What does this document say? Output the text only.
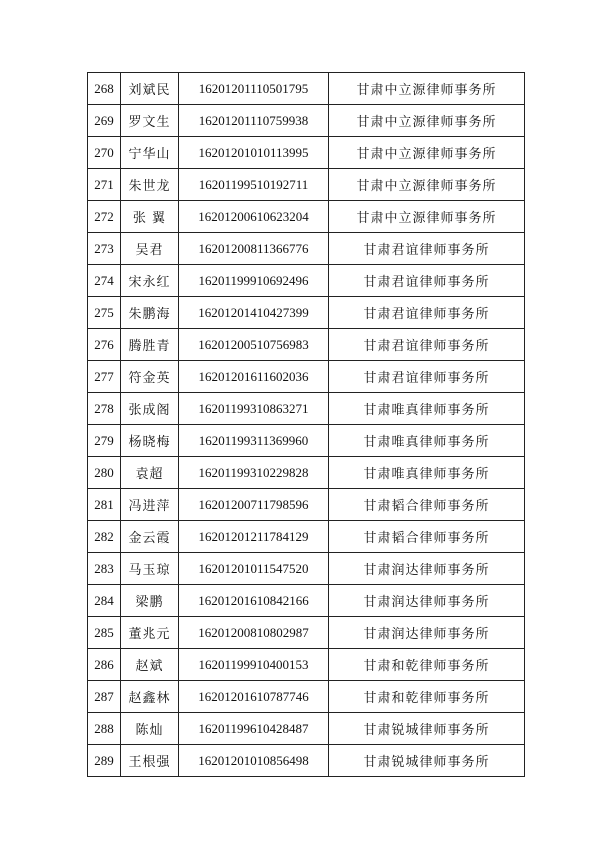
268	刘斌民	16201201110501795	甘肃中立源律师事务所
269	罗文生	16201201110759938	甘肃中立源律师事务所
270	宁华山	16201201010113995	甘肃中立源律师事务所
271	朱世龙	16201199510192711	甘肃中立源律师事务所
272	张 翼	16201200610623204	甘肃中立源律师事务所
273	吴君	16201200811366776	甘肃君谊律师事务所
274	宋永红	16201199910692496	甘肃君谊律师事务所
275	朱鹏海	16201201410427399	甘肃君谊律师事务所
276	腾胜青	16201200510756983	甘肃君谊律师事务所
277	符金英	16201201611602036	甘肃君谊律师事务所
278	张成阁	16201199310863271	甘肃唯真律师事务所
279	杨晓梅	16201199311369960	甘肃唯真律师事务所
280	袁超	16201199310229828	甘肃唯真律师事务所
281	冯进萍	16201200711798596	甘肃韬合律师事务所
282	金云霞	16201201211784129	甘肃韬合律师事务所
283	马玉琼	16201201011547520	甘肃润达律师事务所
284	梁鹏	16201201610842166	甘肃润达律师事务所
285	董兆元	16201200810802987	甘肃润达律师事务所
286	赵斌	16201199910400153	甘肃和乾律师事务所
287	赵鑫林	16201201610787746	甘肃和乾律师事务所
288	陈灿	16201199610428487	甘肃锐城律师事务所
289	王根强	16201201010856498	甘肃锐城律师事务所
